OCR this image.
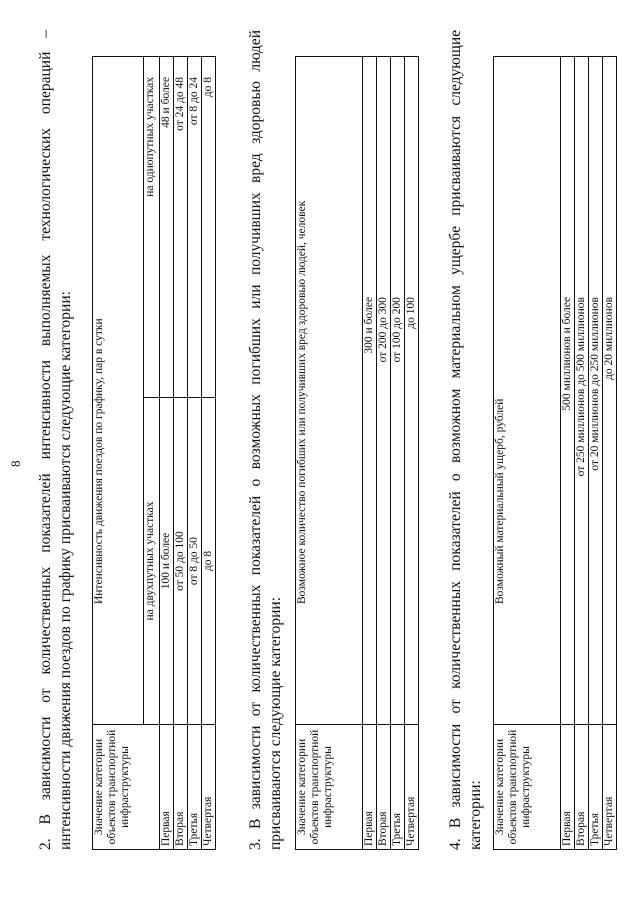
8 2. В зависимости от количественных показателей интенсивности выполняемых технологических операций – интенсивности движения поездов по графику присваиваются следующие категории: Значение категории объектов транспортной инфраструктуры	Интенсивность движения поездов по графику, пар в сутки	
	на двухпутных участках	на однопутных участках
Первая	100 и более	48 и более
Вторая	от 50 до 100	от 24 до 48
Третья	от 8 до 50	от 8 до 24
Четвертая	до 8	до 8 3. В зависимости от количественных показателей о возможных погибших или получивших вред здоровью людей присваиваются следующие категории: Значение категории объектов транспортной инфраструктуры	Возможное количество погибших или получивших вред здоровью людей, человек
Первая	300 и более
Вторая	от 200 до 300
Третья	от 100 до 200
Четвертая	до 100 4. В зависимости от количественных показателей о возможном материальном ущербе присваиваются следующие категории: Значение категории объектов транспортной инфраструктуры	Возможный материальный ущерб, рублей
Первая	500 миллионов и более
Вторая	от 250 миллионов до 500 миллионов
Третья	от 20 миллионов до 250 миллионов
Четвертая	до 20 миллионов
